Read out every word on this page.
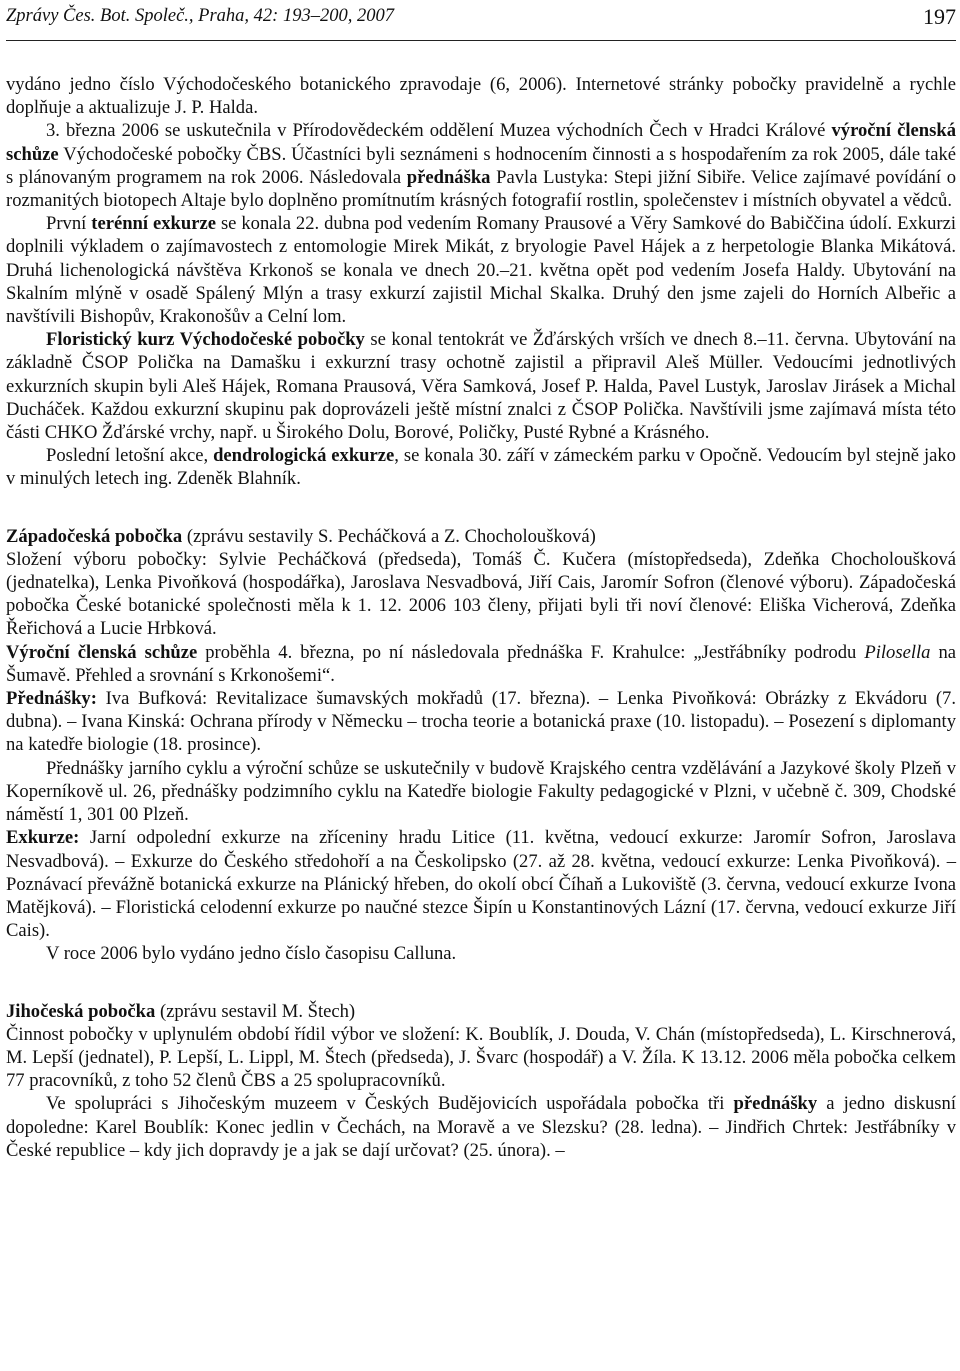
Zprávy Čes. Bot. Společ., Praha, 42: 193–200, 2007	197

vydáno jedno číslo Východočeského botanického zpravodaje (6, 2006). Internetové stránky pobočky pravidelně a rychle doplňuje a aktualizuje J. P. Halda.

3. března 2006 se uskutečnila v Přírodovědeckém oddělení Muzea východních Čech v Hradci Králové výroční členská schůze Východočeské pobočky ČBS. Účastníci byli seznámeni s hodnocením činnosti a s hospodařením za rok 2005, dále také s plánovaným programem na rok 2006. Následovala přednáška Pavla Lustyka: Stepi jižní Sibiře. Velice zajímavé povídání o rozmanitých biotopech Altaje bylo doplněno promítnutím krásných fotografií rostlin, společenstev i místních obyvatel a vědců.

První terénní exkurze se konala 22. dubna pod vedením Romany Prausové a Věry Samkové do Babiččina údolí. Exkurzi doplnili výkladem o zajímavostech z entomologie Mirek Mikát, z bryologie Pavel Hájek a z herpetologie Blanka Mikátová. Druhá lichenologická návštěva Krkonoš se konala ve dnech 20.–21. května opět pod vedením Josefa Haldy. Ubytování na Skalním mlýně v osadě Spálený Mlýn a trasy exkurzí zajistil Michal Skalka. Druhý den jsme zajeli do Horních Albeřic a navštívili Bishopův, Krakonošův a Celní lom.

Floristický kurz Východočeské pobočky se konal tentokrát ve Žďárských vrších ve dnech 8.–11. června. Ubytování na základně ČSOP Polička na Damašku i exkurzní trasy ochotně zajistil a připravil Aleš Müller. Vedoucími jednotlivých exkurzních skupin byli Aleš Hájek, Romana Prausová, Věra Samková, Josef P. Halda, Pavel Lustyk, Jaroslav Jirásek a Michal Ducháček. Každou exkurzní skupinu pak doprovázeli ještě místní znalci z ČSOP Polička. Navštívili jsme zajímavá místa této části CHKO Žďárské vrchy, např. u Širokého Dolu, Borové, Poličky, Pusté Rybné a Krásného.

Poslední letošní akce, dendrologická exkurze, se konala 30. září v zámeckém parku v Opočně. Vedoucím byl stejně jako v minulých letech ing. Zdeněk Blahník.

Západočeská pobočka (zprávu sestavily S. Pecháčková a Z. Chocholoušková)

Složení výboru pobočky: Sylvie Pecháčková (předseda), Tomáš Č. Kučera (místopředseda), Zdeňka Chocholoušková (jednatelka), Lenka Pivoňková (hospodářka), Jaroslava Nesvadbová, Jiří Cais, Jaromír Sofron (členové výboru). Západočeská pobočka České botanické společnosti měla k 1. 12. 2006 103 členy, přijati byli tři noví členové: Eliška Vicherová, Zdeňka Řeřichová a Lucie Hrbková.

Výroční členská schůze proběhla 4. března, po ní následovala přednáška F. Krahulce: „Jestřábníky podrodu Pilosella na Šumavě. Přehled a srovnání s Krkonošemi“.

Přednášky: Iva Bufková: Revitalizace šumavských mokřadů (17. března). – Lenka Pivoňková: Obrázky z Ekvádoru (7. dubna). – Ivana Kinská: Ochrana přírody v Německu – trocha teorie a botanická praxe (10. listopadu). – Posezení s diplomanty na katedře biologie (18. prosince).

Přednášky jarního cyklu a výroční schůze se uskutečnily v budově Krajského centra vzdělávání a Jazykové školy Plzeň v Koperníkově ul. 26, přednášky podzimního cyklu na Katedře biologie Fakulty pedagogické v Plzni, v učebně č. 309, Chodské náměstí 1, 301 00 Plzeň.

Exkurze: Jarní odpolední exkurze na zříceniny hradu Litice (11. května, vedoucí exkurze: Jaromír Sofron, Jaroslava Nesvadbová). – Exkurze do Českého středohoří a na Českolipsko (27. až 28. května, vedoucí exkurze: Lenka Pivoňková). – Poznávací převážně botanická exkurze na Plánický hřeben, do okolí obcí Číhaň a Lukoviště (3. června, vedoucí exkurze Ivona Matějková). – Floristická celodenní exkurze po naučné stezce Šipín u Konstantinových Lázní (17. června, vedoucí exkurze Jiří Cais).

V roce 2006 bylo vydáno jedno číslo časopisu Calluna.

Jihočeská pobočka (zprávu sestavil M. Štech)

Činnost pobočky v uplynulém období řídil výbor ve složení: K. Boublík, J. Douda, V. Chán (místopředseda), L. Kirschnerová, M. Lepší (jednatel), P. Lepší, L. Lippl, M. Štech (předseda), J. Švarc (hospodář) a V. Žíla. K 13.12. 2006 měla pobočka celkem 77 pracovníků, z toho 52 členů ČBS a 25 spolupracovníků.

Ve spolupráci s Jihočeským muzeem v Českých Budějovicích uspořádala pobočka tři přednášky a jedno diskusní dopoledne: Karel Boublík: Konec jedlin v Čechách, na Moravě a ve Slezsku? (28. ledna). – Jindřich Chrtek: Jestřábníky v České republice – kdy jich dopravdy je a jak se dají určovat? (25. února). –
